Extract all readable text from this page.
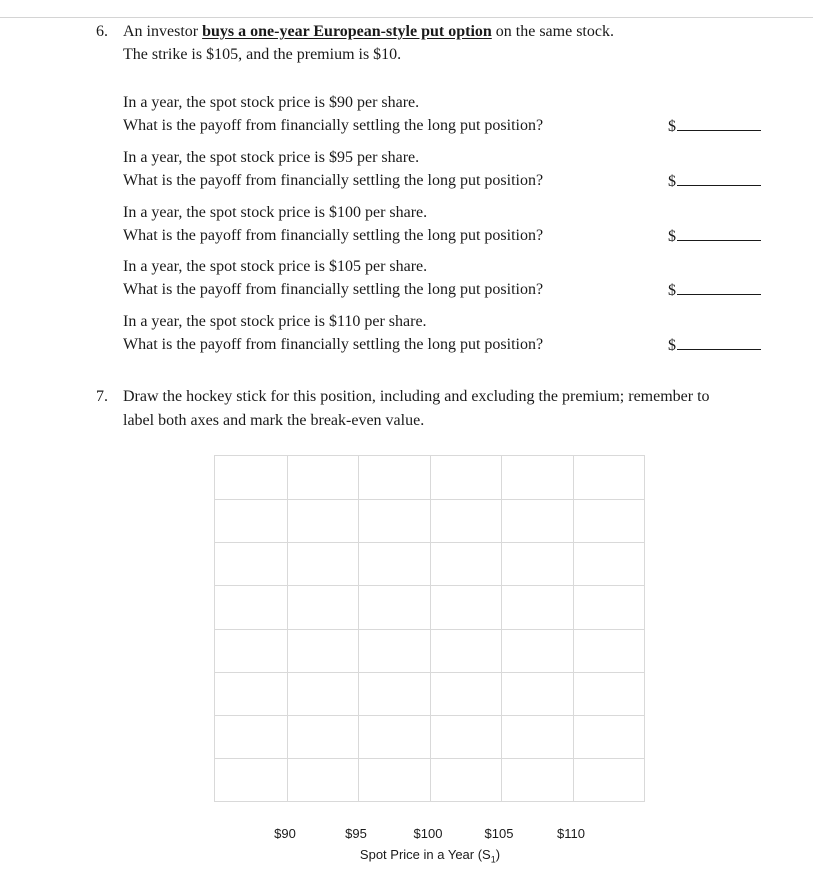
6. An investor buys a one-year European-style put option on the same stock.
The strike is $105, and the premium is $10.
In a year, the spot stock price is $90 per share.
What is the payoff from financially settling the long put position?	$
In a year, the spot stock price is $95 per share.
What is the payoff from financially settling the long put position?	$
In a year, the spot stock price is $100 per share.
What is the payoff from financially settling the long put position?	$
In a year, the spot stock price is $105 per share.
What is the payoff from financially settling the long put position?	$
In a year, the spot stock price is $110 per share.
What is the payoff from financially settling the long put position?	$
7. Draw the hockey stick for this position, including and excluding the premium; remember to
label both axes and mark the break-even value.
$90	$95	$100	$105	$110
Spot Price in a Year $(S_1)$
